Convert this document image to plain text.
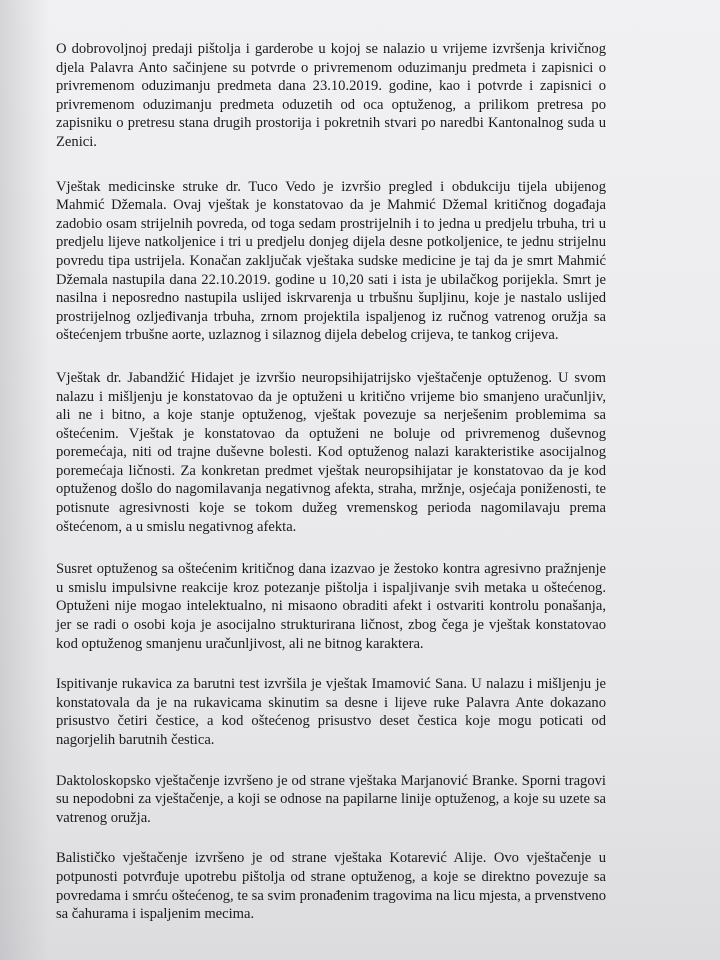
O dobrovoljnoj predaji pištolja i garderobe u kojoj se nalazio u vrijeme izvršenja krivičnog djela Palavra Anto sačinjene su potvrde o privremenom oduzimanju predmeta i zapisnici o privremenom oduzimanju predmeta dana 23.10.2019. godine, kao i potvrde i zapisnici o privremenom oduzimanju predmeta oduzetih od oca optuženog, a prilikom pretresa po zapisniku o pretresu stana drugih prostorija i pokretnih stvari po naredbi Kantonalnog suda u Zenici.

Vještak medicinske struke dr. Tuco Vedo je izvršio pregled i obdukciju tijela ubijenog Mahmić Džemala. Ovaj vještak je konstatovao da je Mahmić Džemal kritičnog događaja zadobio osam strijelnih povreda, od toga sedam prostrijelnih i to jedna u predjelu trbuha, tri u predjelu lijeve natkoljenice i tri u predjelu donjeg dijela desne potkoljenice, te jednu strijelnu povredu tipa ustrijela. Konačan zaključak vještaka sudske medicine je taj da je smrt Mahmić Džemala nastupila dana 22.10.2019. godine u 10,20 sati i ista je ubilačkog porijekla. Smrt je nasilna i neposredno nastupila uslijed iskrvarenja u trbušnu šupljinu, koje je nastalo uslijed prostrijelnog ozljeđivanja trbuha, zrnom projektila ispaljenog iz ručnog vatrenog oružja sa oštećenjem trbušne aorte, uzlaznog i silaznog dijela debelog crijeva, te tankog crijeva.

Vještak dr. Jabandžić Hidajet je izvršio neuropsihijatrijsko vještačenje optuženog. U svom nalazu i mišljenju je konstatovao da je optuženi u kritično vrijeme bio smanjeno uračunljiv, ali ne i bitno, a koje stanje optuženog, vještak povezuje sa nerješenim problemima sa oštećenim. Vještak je konstatovao da optuženi ne boluje od privremenog duševnog poremećaja, niti od trajne duševne bolesti. Kod optuženog nalazi karakteristike asocijalnog poremećaja ličnosti. Za konkretan predmet vještak neuropsihijatar je konstatovao da je kod optuženog došlo do nagomilavanja negativnog afekta, straha, mržnje, osjećaja poniženosti, te potisnute agresivnosti koje se tokom dužeg vremenskog perioda nagomilavaju prema oštećenom, a u smislu negativnog afekta.

Susret optuženog sa oštećenim kritičnog dana izazvao je žestoko kontra agresivno pražnjenje u smislu impulsivne reakcije kroz potezanje pištolja i ispaljivanje svih metaka u oštećenog. Optuženi nije mogao intelektualno, ni misaono obraditi afekt i ostvariti kontrolu ponašanja, jer se radi o osobi koja je asocijalno strukturirana ličnost, zbog čega je vještak konstatovao kod optuženog smanjenu uračunljivost, ali ne bitnog karaktera.

Ispitivanje rukavica za barutni test izvršila je vještak Imamović Sana. U nalazu i mišljenju je konstatovala da je na rukavicama skinutim sa desne i lijeve ruke Palavra Ante dokazano prisustvo četiri čestice, a kod oštećenog prisustvo deset čestica koje mogu poticati od nagorjelih barutnih čestica.

Daktoloskopsko vještačenje izvršeno je od strane vještaka Marjanović Branke. Sporni tragovi su nepodobni za vještačenje, a koji se odnose na papilarne linije optuženog, a koje su uzete sa vatrenog oružja.

Balističko vještačenje izvršeno je od strane vještaka Kotarević Alije. Ovo vještačenje u potpunosti potvrđuje upotrebu pištolja od strane optuženog, a koje se direktno povezuje sa povredama i smrću oštećenog, te sa svim pronađenim tragovima na licu mjesta, a prvenstveno sa čahurama i ispaljenim mecima.
